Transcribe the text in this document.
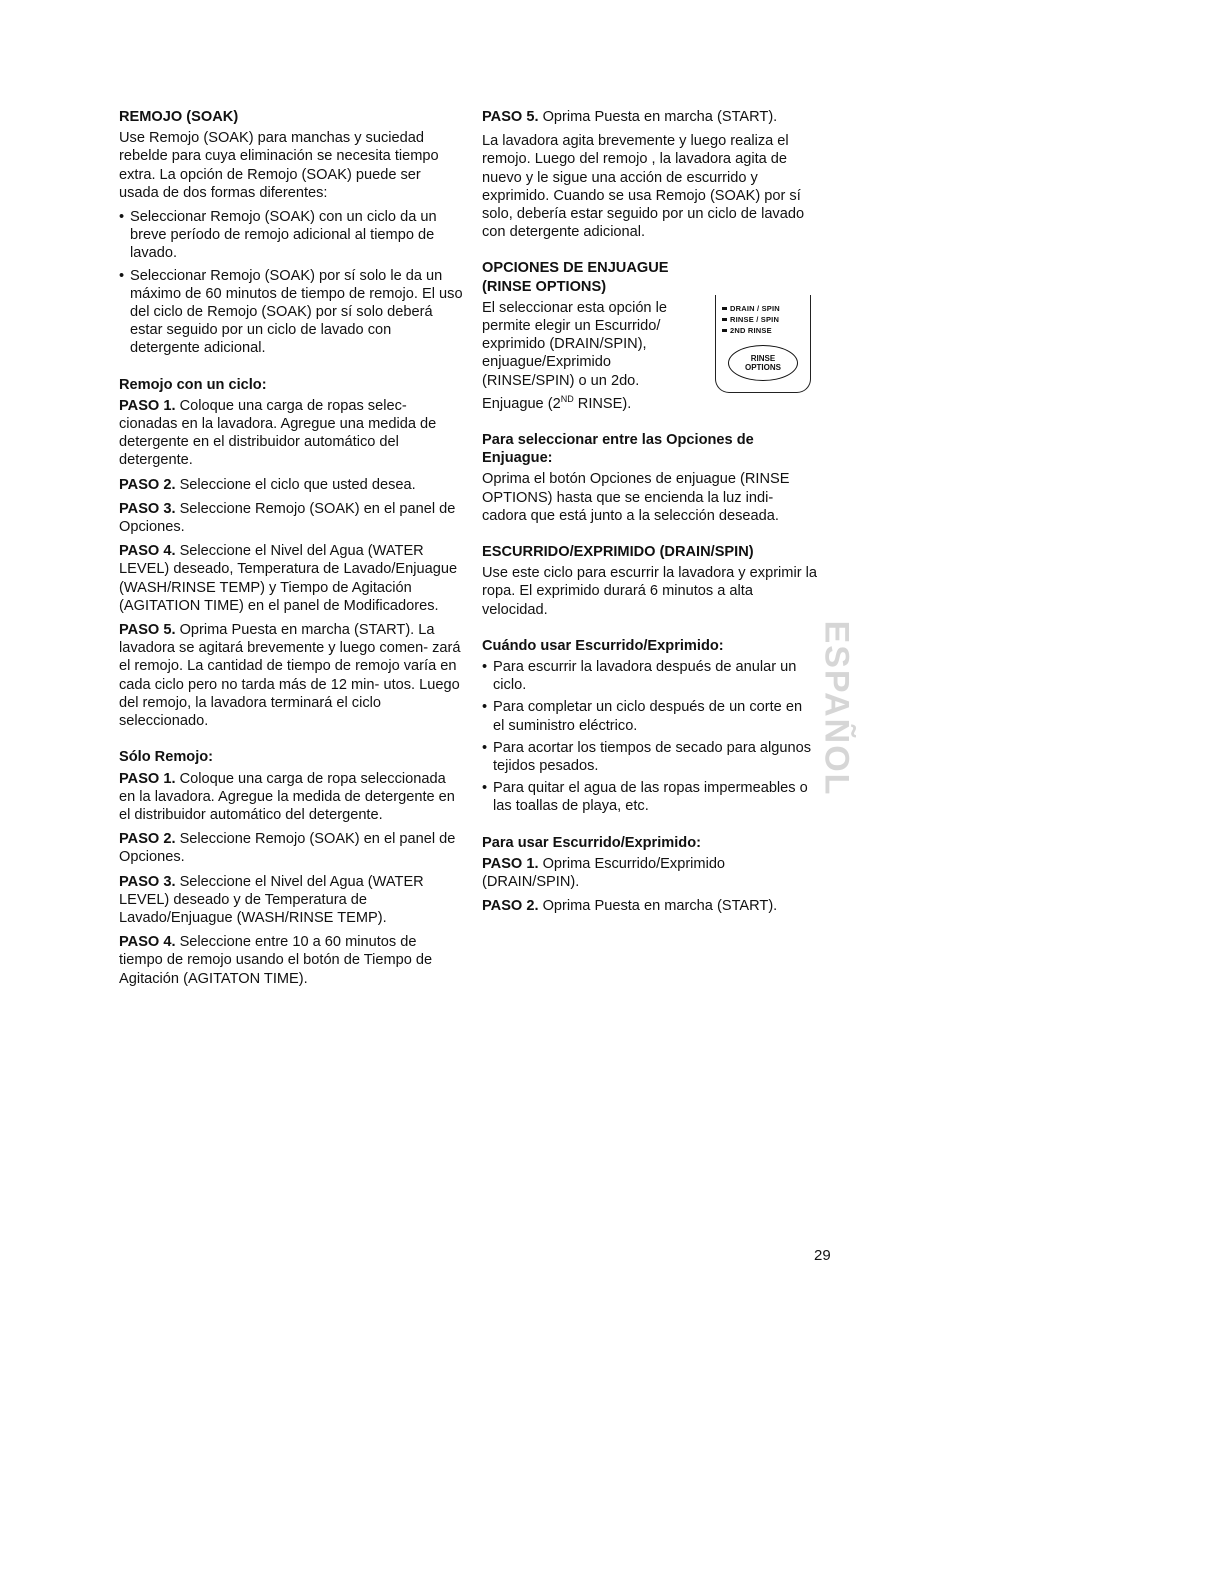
REMOJO (SOAK)

Use Remojo (SOAK) para manchas y suciedad rebelde para cuya eliminación se necesita tiempo extra. La opción de Remojo (SOAK) puede ser usada de dos formas diferentes:

• Seleccionar Remojo (SOAK) con un ciclo da un breve período de remojo adicional al tiempo de lavado.
• Seleccionar Remojo (SOAK) por sí solo le da un máximo de 60 minutos de tiempo de remojo. El uso del ciclo de Remojo (SOAK) por sí solo deberá estar seguido por un ciclo de lavado con detergente adicional.
Remojo con un ciclo:

PASO 1. Coloque una carga de ropas selec- cionadas en la lavadora. Agregue una medida de detergente en el distribuidor automático del detergente.

PASO 2. Seleccione el ciclo que usted desea.

PASO 3. Seleccione Remojo (SOAK) en el panel de Opciones.

PASO 4. Seleccione el Nivel del Agua (WATER LEVEL) deseado, Temperatura de Lavado/Enjuague (WASH/RINSE TEMP) y Tiempo de Agitación (AGITATION TIME) en el panel de Modificadores.

PASO 5. Oprima Puesta en marcha (START). La lavadora se agitará brevemente y luego comen- zará el remojo. La cantidad de tiempo de remojo varía en cada ciclo pero no tarda más de 12 min- utos. Luego del remojo, la lavadora terminará el ciclo seleccionado.

Sólo Remojo:

PASO 1. Coloque una carga de ropa seleccionada en la lavadora. Agregue la medida de detergente en el distribuidor automático del detergente.

PASO 2. Seleccione Remojo (SOAK) en el panel de Opciones.

PASO 3. Seleccione el Nivel del Agua (WATER LEVEL) deseado y de Temperatura de Lavado/Enjuague (WASH/RINSE TEMP).

PASO 4. Seleccione entre 10 a 60 minutos de tiempo de remojo usando el botón de Tiempo de Agitación (AGITATON TIME).

PASO 5. Oprima Puesta en marcha (START).

La lavadora agita brevemente y luego realiza el remojo. Luego del remojo , la lavadora agita de nuevo y le sigue una acción de escurrido y exprimido. Cuando se usa Remojo (SOAK) por sí solo, debería estar seguido por un ciclo de lavado con detergente adicional.

OPCIONES DE ENJUAGUE
(RINSE OPTIONS)

El seleccionar esta opción le permite elegir un Escurrido/ exprimido (DRAIN/SPIN), enjuague/Exprimido (RINSE/SPIN) o un 2do. Enjuague (2ND RINSE).

DRAIN / SPIN
RINSE / SPIN
2ND RINSE
RINSE
OPTIONS
Para seleccionar entre las Opciones de Enjuague:

Oprima el botón Opciones de enjuague (RINSE OPTIONS) hasta que se encienda la luz indi- cadora que está junto a la selección deseada.

ESCURRIDO/EXPRIMIDO (DRAIN/SPIN)

Use este ciclo para escurrir la lavadora y exprimir la ropa. El exprimido durará 6 minutos a alta velocidad.

Cuándo usar Escurrido/Exprimido:
• Para escurrir la lavadora después de anular un ciclo.
• Para completar un ciclo después de un corte en el suministro eléctrico.
• Para acortar los tiempos de secado para algunos tejidos pesados.
• Para quitar el agua de las ropas impermeables o las toallas de playa, etc.
Para usar Escurrido/Exprimido:

PASO 1. Oprima Escurrido/Exprimido (DRAIN/SPIN).

PASO 2. Oprima Puesta en marcha (START).

ESPAÑOL
29
